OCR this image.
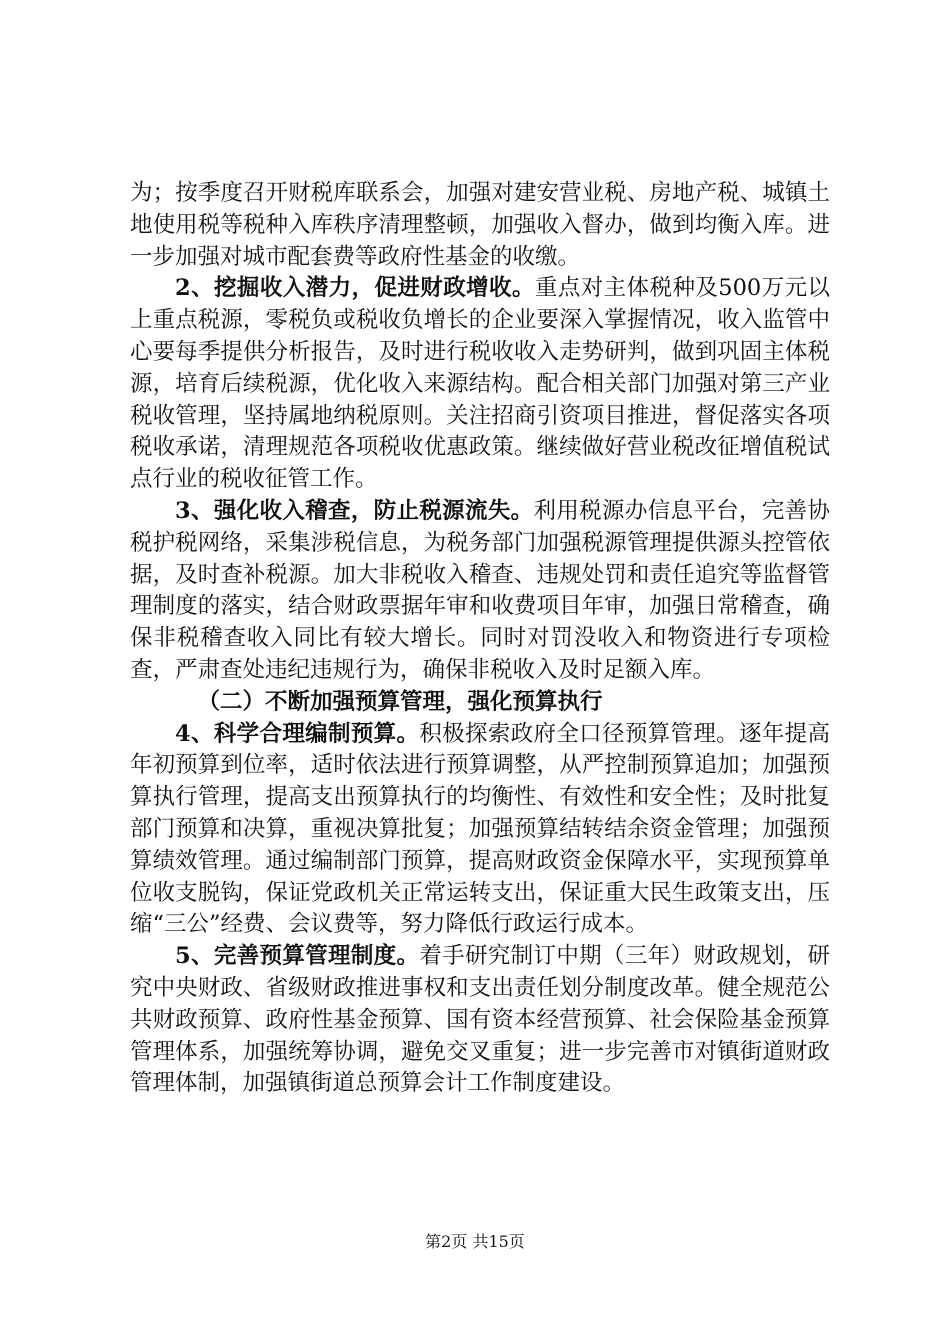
为；按季度召开财税库联系会，加强对建安营业税、房地产税、城镇土地使用税等税种入库秩序清理整顿，加强收入督办，做到均衡入库。进一步加强对城市配套费等政府性基金的收缴。

2、挖掘收入潜力，促进财政增收。重点对主体税种及500万元以上重点税源，零税负或税收负增长的企业要深入掌握情况，收入监管中心要每季提供分析报告，及时进行税收收入走势研判，做到巩固主体税源，培育后续税源，优化收入来源结构。配合相关部门加强对第三产业税收管理，坚持属地纳税原则。关注招商引资项目推进，督促落实各项税收承诺，清理规范各项税收优惠政策。继续做好营业税改征增值税试点行业的税收征管工作。

3、强化收入稽查，防止税源流失。利用税源办信息平台，完善协税护税网络，采集涉税信息，为税务部门加强税源管理提供源头控管依据，及时查补税源。加大非税收入稽查、违规处罚和责任追究等监督管理制度的落实，结合财政票据年审和收费项目年审，加强日常稽查，确保非税稽查收入同比有较大增长。同时对罚没收入和物资进行专项检查，严肃查处违纪违规行为，确保非税收入及时足额入库。

（二）不断加强预算管理，强化预算执行

4、科学合理编制预算。积极探索政府全口径预算管理。逐年提高年初预算到位率，适时依法进行预算调整，从严控制预算追加；加强预算执行管理，提高支出预算执行的均衡性、有效性和安全性；及时批复部门预算和决算，重视决算批复；加强预算结转结余资金管理；加强预算绩效管理。通过编制部门预算，提高财政资金保障水平，实现预算单位收支脱钩，保证党政机关正常运转支出，保证重大民生政策支出，压缩“三公”经费、会议费等，努力降低行政运行成本。

5、完善预算管理制度。着手研究制订中期（三年）财政规划，研究中央财政、省级财政推进事权和支出责任划分制度改革。健全规范公共财政预算、政府性基金预算、国有资本经营预算、社会保险基金预算管理体系，加强统筹协调，避免交叉重复；进一步完善市对镇街道财政管理体制，加强镇街道总预算会计工作制度建设。

第2页 共15页
